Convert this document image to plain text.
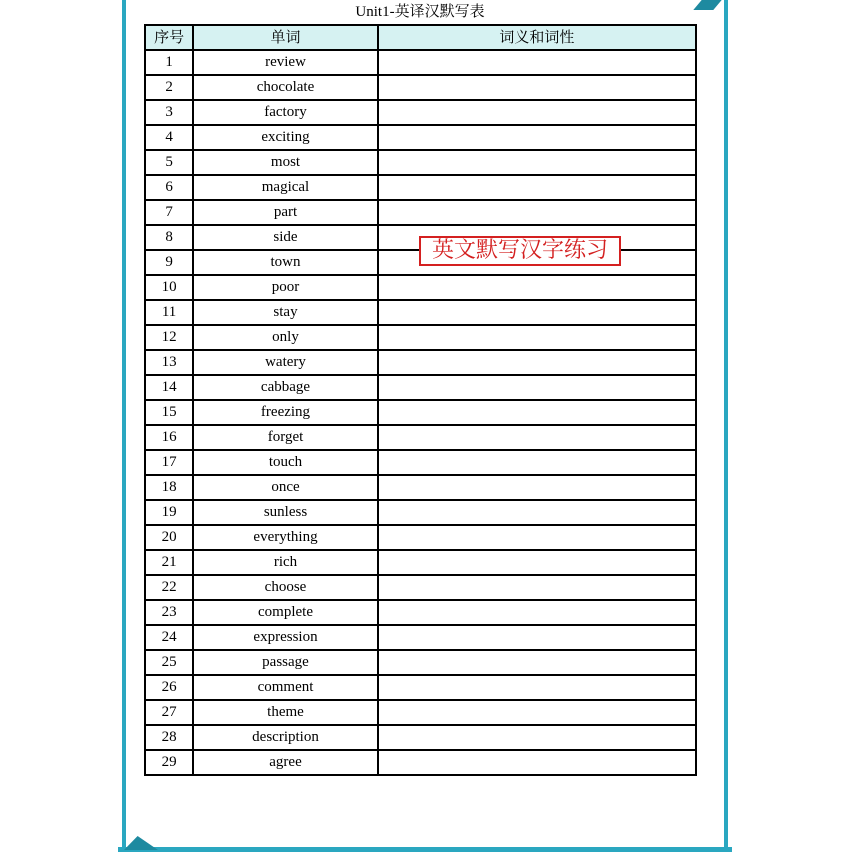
Unit1-英译汉默写表
序号	单词	词义和词性
1	review	
2	chocolate	
3	factory	
4	exciting	
5	most	
6	magical	
7	part	
8	side	
9	town	
10	poor	
11	stay	
12	only	
13	watery	
14	cabbage	
15	freezing	
16	forget	
17	touch	
18	once	
19	sunless	
20	everything	
21	rich	
22	choose	
23	complete	
24	expression	
25	passage	
26	comment	
27	theme	
28	description	
29	agree	
英文默写汉字练习
